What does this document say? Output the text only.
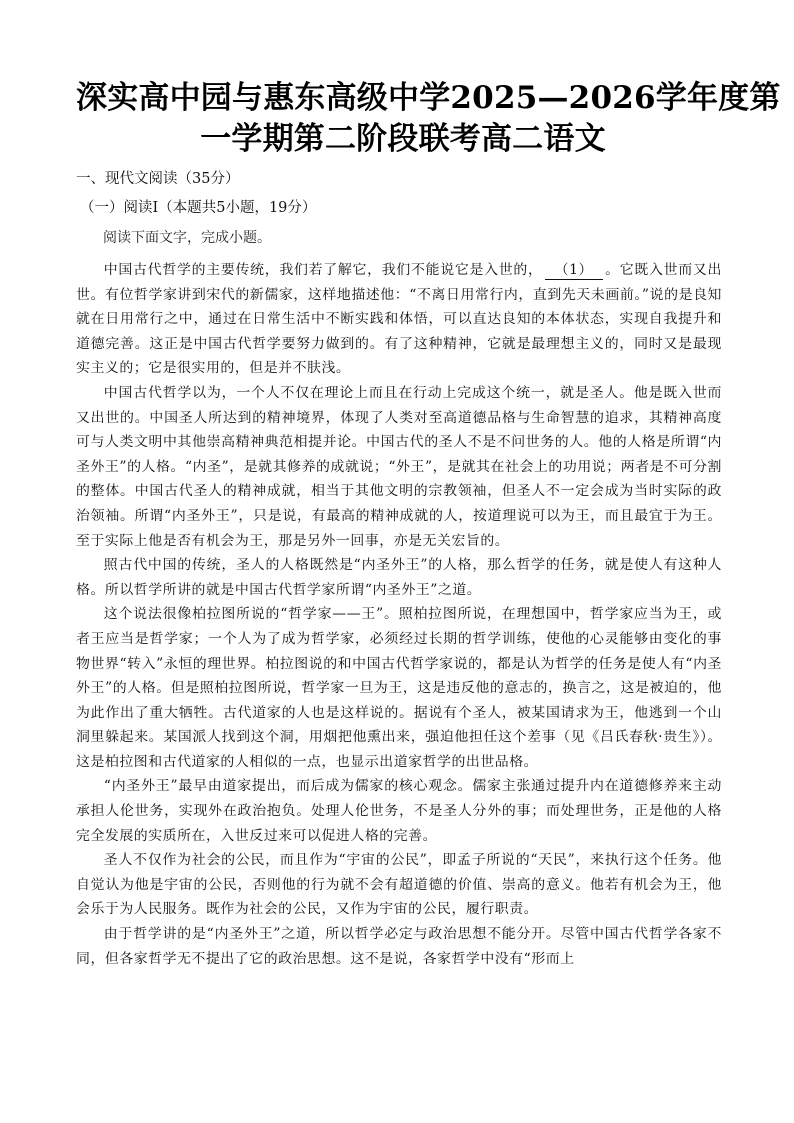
深实高中园与惠东高级中学2025—2026学年度第
一学期第二阶段联考高二语文
一、现代文阅读（35分）
（一）阅读Ⅰ（本题共5小题，19分）
阅读下面文字，完成小题。

中国古代哲学的主要传统，我们若了解它，我们不能说它是入世的， （1） 。它既入世而又出世。有位哲学家讲到宋代的新儒家，这样地描述他：“不离日用常行内，直到先天未画前。”说的是良知就在日用常行之中，通过在日常生活中不断实践和体悟，可以直达良知的本体状态，实现自我提升和道德完善。这正是中国古代哲学要努力做到的。有了这种精神，它就是最理想主义的，同时又是最现实主义的；它是很实用的，但是并不肤浅。

中国古代哲学以为，一个人不仅在理论上而且在行动上完成这个统一，就是圣人。他是既入世而又出世的。中国圣人所达到的精神境界，体现了人类对至高道德品格与生命智慧的追求，其精神高度可与人类文明中其他崇高精神典范相提并论。中国古代的圣人不是不问世务的人。他的人格是所谓“内圣外王”的人格。“内圣”，是就其修养的成就说；“外王”，是就其在社会上的功用说；两者是不可分割的整体。中国古代圣人的精神成就，相当于其他文明的宗教领袖，但圣人不一定会成为当时实际的政治领袖。所谓“内圣外王”，只是说，有最高的精神成就的人，按道理说可以为王，而且最宜于为王。至于实际上他是否有机会为王，那是另外一回事，亦是无关宏旨的。

照古代中国的传统，圣人的人格既然是“内圣外王”的人格，那么哲学的任务，就是使人有这种人格。所以哲学所讲的就是中国古代哲学家所谓“内圣外王”之道。

这个说法很像柏拉图所说的“哲学家——王”。照柏拉图所说，在理想国中，哲学家应当为王，或者王应当是哲学家；一个人为了成为哲学家，必须经过长期的哲学训练，使他的心灵能够由变化的事物世界“转入”永恒的理世界。柏拉图说的和中国古代哲学家说的，都是认为哲学的任务是使人有“内圣外王”的人格。但是照柏拉图所说，哲学家一旦为王，这是违反他的意志的，换言之，这是被迫的，他为此作出了重大牺牲。古代道家的人也是这样说的。据说有个圣人，被某国请求为王，他逃到一个山洞里躲起来。某国派人找到这个洞，用烟把他熏出来，强迫他担任这个差事（见《吕氏春秋·贵生》）。这是柏拉图和古代道家的人相似的一点，也显示出道家哲学的出世品格。

“内圣外王”最早由道家提出，而后成为儒家的核心观念。儒家主张通过提升内在道德修养来主动承担人伦世务，实现外在政治抱负。处理人伦世务，不是圣人分外的事；而处理世务，正是他的人格完全发展的实质所在，入世反过来可以促进人格的完善。

圣人不仅作为社会的公民，而且作为“宇宙的公民”，即孟子所说的“天民”，来执行这个任务。他自觉认为他是宇宙的公民，否则他的行为就不会有超道德的价值、崇高的意义。他若有机会为王，他会乐于为人民服务。既作为社会的公民，又作为宇宙的公民，履行职责。

由于哲学讲的是“内圣外王”之道，所以哲学必定与政治思想不能分开。尽管中国古代哲学各家不同，但各家哲学无不提出了它的政治思想。这不是说，各家哲学中没有“形而上
